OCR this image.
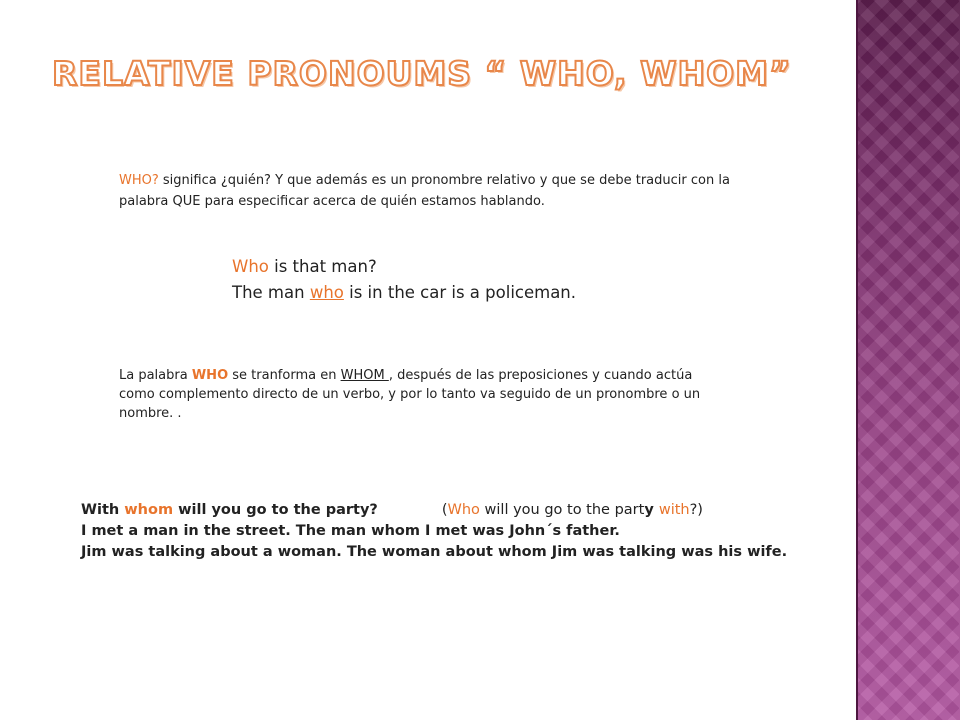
RELATIVE PRONOUMS “ WHO, WHOM”
WHO? significa ¿quién? Y que además es un pronombre relativo y que se debe traducir con la palabra QUE para especificar acerca de quién estamos hablando.
Who is that man?
The man who is in the car is a policeman.
La palabra WHO se tranforma en WHOM , después de las preposiciones y cuando actúa como complemento directo de un verbo, y por lo tanto va seguido de un pronombre o un nombre. .
With whom will you go to the party?	(Who will you go to the party with?)
I met a man in the street. The man whom I met was John´s father.
Jim was talking about a woman. The woman about whom Jim was talking was his wife.
